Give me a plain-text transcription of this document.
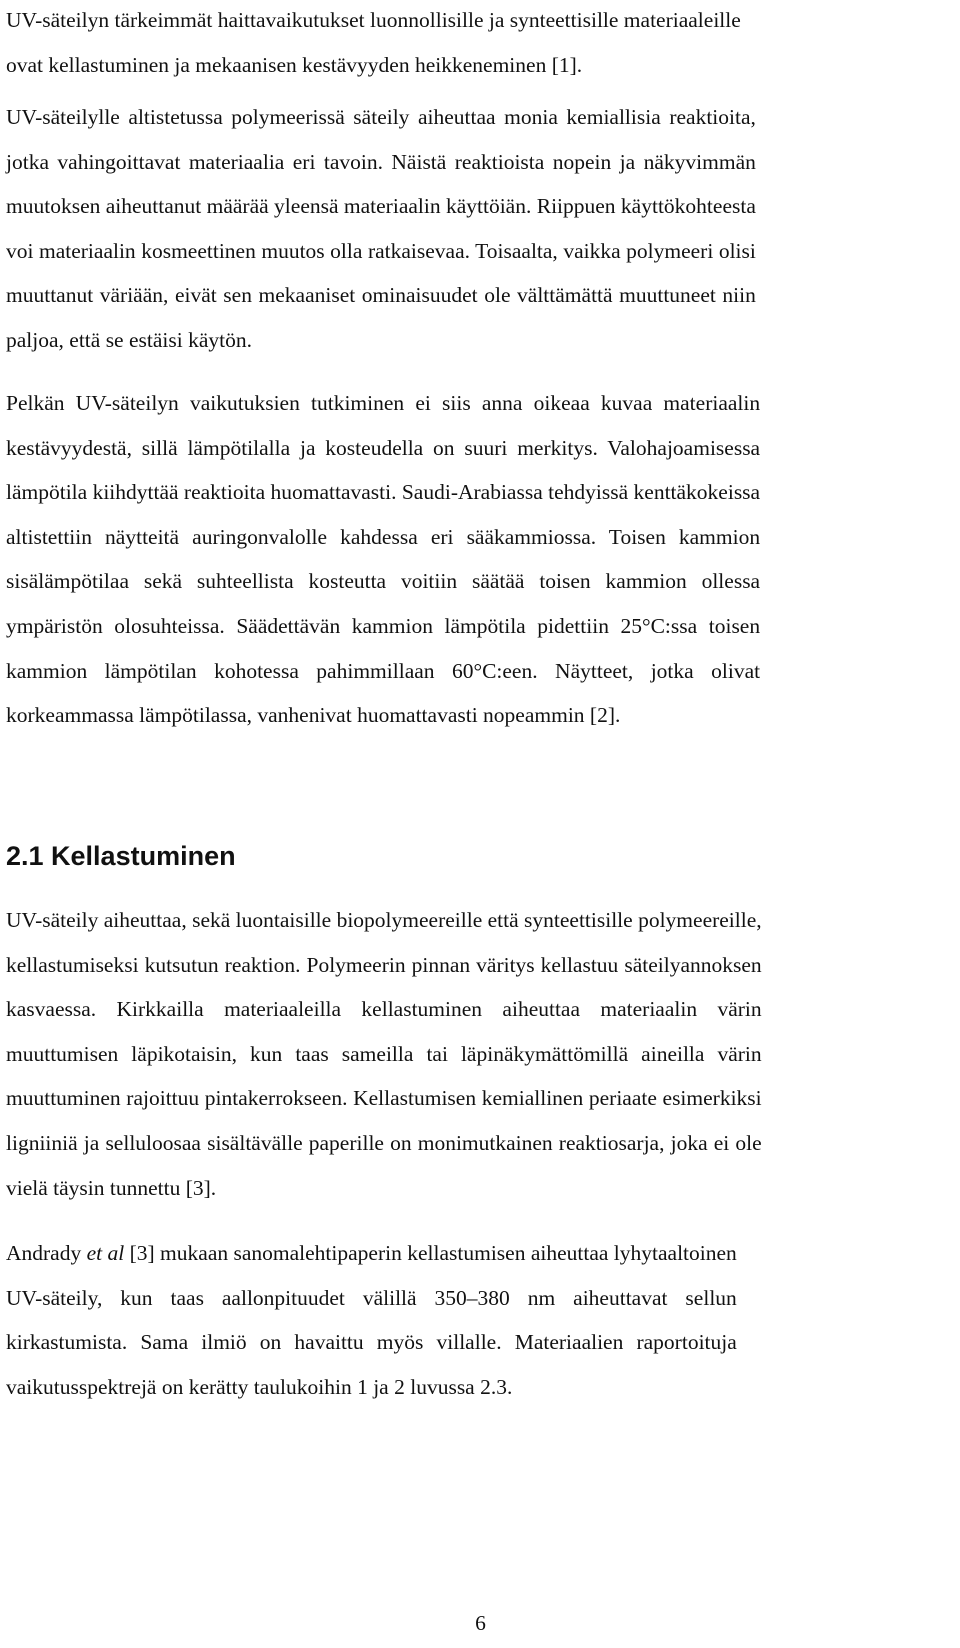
UV-säteilyn tärkeimmät haittavaikutukset luonnollisille ja synteettisille materiaaleille
ovat kellastuminen ja mekaanisen kestävyyden heikkeneminen [1].

UV-säteilylle altistetussa polymeerissä säteily aiheuttaa monia kemiallisia reaktioita,
jotka vahingoittavat materiaalia eri tavoin. Näistä reaktioista nopein ja näkyvimmän
muutoksen aiheuttanut määrää yleensä materiaalin käyttöiän. Riippuen käyttökohteesta
voi materiaalin kosmeettinen muutos olla ratkaisevaa. Toisaalta, vaikka polymeeri olisi
muuttanut väriään, eivät sen mekaaniset ominaisuudet ole välttämättä muuttuneet niin
paljoa, että se estäisi käytön.

Pelkän UV-säteilyn vaikutuksien tutkiminen ei siis anna oikeaa kuvaa materiaalin
kestävyydestä, sillä lämpötilalla ja kosteudella on suuri merkitys. Valohajoamisessa
lämpötila kiihdyttää reaktioita huomattavasti. Saudi-Arabiassa tehdyissä kenttäkokeissa
altistettiin näytteitä auringonvalolle kahdessa eri sääkammiossa. Toisen kammion
sisälämpötilaa sekä suhteellista kosteutta voitiin säätää toisen kammion ollessa
ympäristön olosuhteissa. Säädettävän kammion lämpötila pidettiin 25°C:ssa toisen
kammion lämpötilan kohotessa pahimmillaan 60°C:een. Näytteet, jotka olivat
korkeammassa lämpötilassa, vanhenivat huomattavasti nopeammin [2].

2.1 Kellastuminen

UV-säteily aiheuttaa, sekä luontaisille biopolymeereille että synteettisille polymeereille,
kellastumiseksi kutsutun reaktion. Polymeerin pinnan väritys kellastuu säteilyannoksen
kasvaessa. Kirkkailla materiaaleilla kellastuminen aiheuttaa materiaalin värin
muuttumisen läpikotaisin, kun taas sameilla tai läpinäkymättömillä aineilla värin
muuttuminen rajoittuu pintakerrokseen. Kellastumisen kemiallinen periaate esimerkiksi
ligniiniä ja selluloosaa sisältävälle paperille on monimutkainen reaktiosarja, joka ei ole
vielä täysin tunnettu [3].

Andrady et al [3] mukaan sanomalehtipaperin kellastumisen aiheuttaa lyhytaaltoinen
UV-säteily, kun taas aallonpituudet välillä 350–380 nm aiheuttavat sellun
kirkastumista. Sama ilmiö on havaittu myös villalle. Materiaalien raportoituja
vaikutusspektrejä on kerätty taulukoihin 1 ja 2 luvussa 2.3.

6
